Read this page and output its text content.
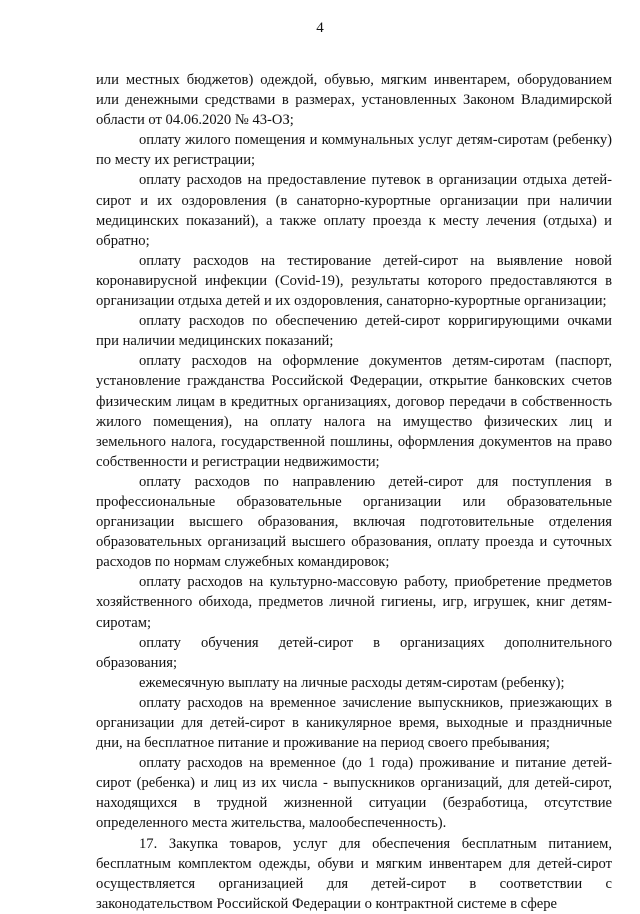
4

или местных бюджетов) одеждой, обувью, мягким инвентарем, оборудованием или денежными средствами в размерах, установленных Законом Владимирской области от 04.06.2020 № 43-ОЗ;

оплату жилого помещения и коммунальных услуг детям-сиротам (ребенку) по месту их регистрации;

оплату расходов на предоставление путевок в организации отдыха детей-сирот и их оздоровления (в санаторно-курортные организации при наличии медицинских показаний), а также оплату проезда к месту лечения (отдыха) и обратно;

оплату расходов на тестирование детей-сирот на выявление новой коронавирусной инфекции (Covid-19), результаты которого предоставляются в организации отдыха детей и их оздоровления, санаторно-курортные организации;

оплату расходов по обеспечению детей-сирот корригирующими очками при наличии медицинских показаний;

оплату расходов на оформление документов детям-сиротам (паспорт, установление гражданства Российской Федерации, открытие банковских счетов физическим лицам в кредитных организациях, договор передачи в собственность жилого помещения), на оплату налога на имущество физических лиц и земельного налога, государственной пошлины, оформления документов на право собственности и регистрации недвижимости;

оплату расходов по направлению детей-сирот для поступления в профессиональные образовательные организации или образовательные организации высшего образования, включая подготовительные отделения образовательных организаций высшего образования, оплату проезда и суточных расходов по нормам служебных командировок;

оплату расходов на культурно-массовую работу, приобретение предметов хозяйственного обихода, предметов личной гигиены, игр, игрушек, книг детям-сиротам;

оплату обучения детей-сирот в организациях дополнительного образования;

ежемесячную выплату на личные расходы детям-сиротам (ребенку);

оплату расходов на временное зачисление выпускников, приезжающих в организации для детей-сирот в каникулярное время, выходные и праздничные дни, на бесплатное питание и проживание на период своего пребывания;

оплату расходов на временное (до 1 года) проживание и питание детей-сирот (ребенка) и лиц из их числа - выпускников организаций, для детей-сирот, находящихся в трудной жизненной ситуации (безработица, отсутствие определенного места жительства, малообеспеченность).

17. Закупка товаров, услуг для обеспечения бесплатным питанием, бесплатным комплектом одежды, обуви и мягким инвентарем для детей-сирот осуществляется организацией для детей-сирот в соответствии с законодательством Российской Федерации о контрактной системе в сфере
